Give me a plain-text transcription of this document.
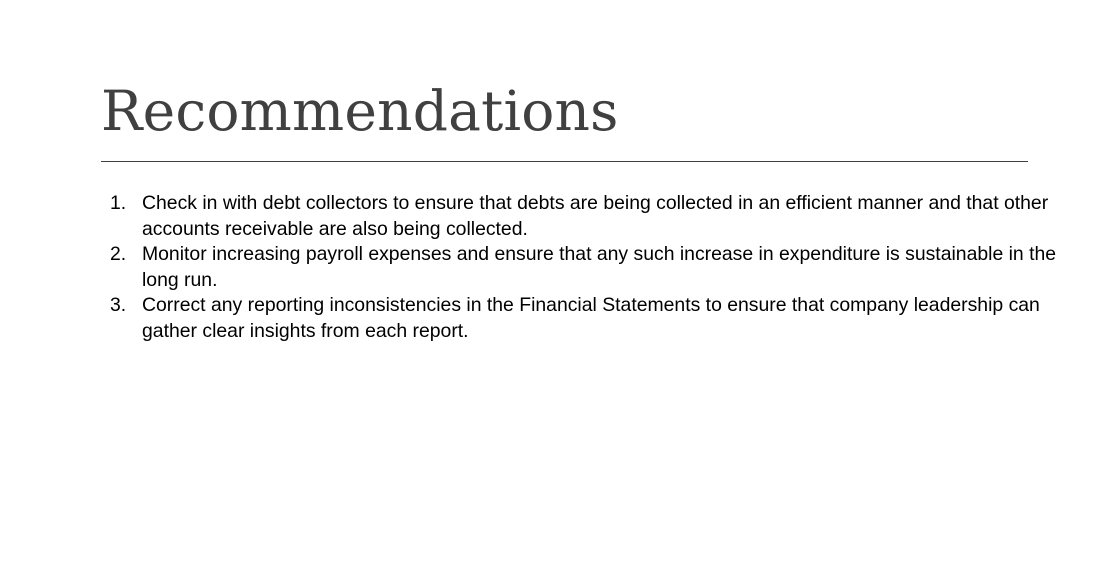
Recommendations
1. Check in with debt collectors to ensure that debts are being collected in an efficient manner and that other accounts receivable are also being collected.
2. Monitor increasing payroll expenses and ensure that any such increase in expenditure is sustainable in the long run.
3. Correct any reporting inconsistencies in the Financial Statements to ensure that company leadership can gather clear insights from each report.
